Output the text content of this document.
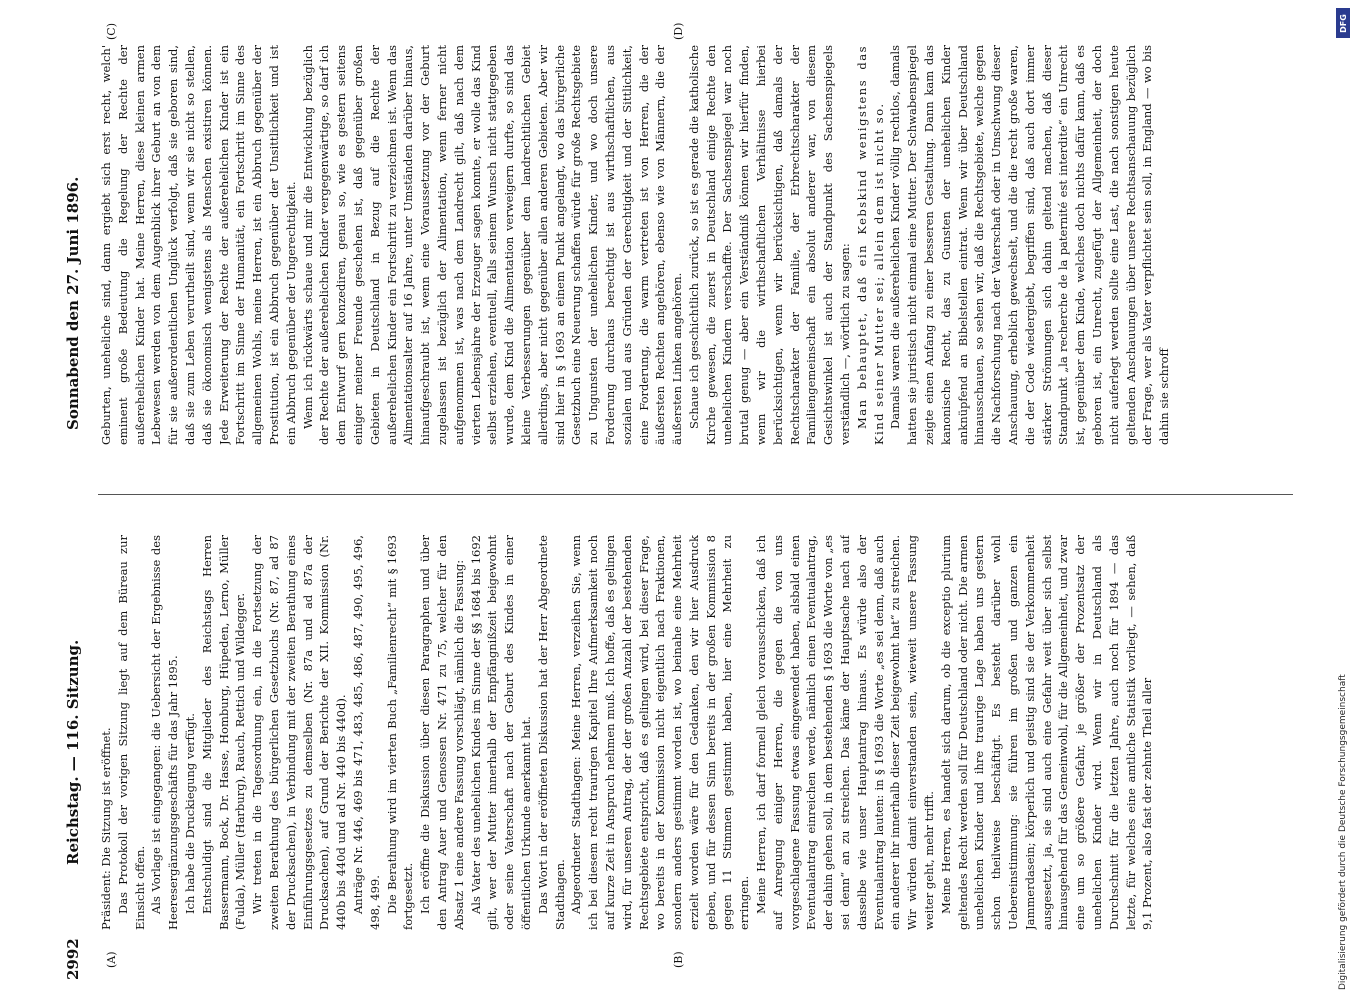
Digitalisierung gefördert durch die Deutsche Forschungsgemeinschaft
DFG
2992
Reichstag. — 116. Sitzung.
Sonnabend den 27. Juni 1896.
(A)	(B)
(C)	(D)

Präsident: Die Sitzung ist eröffnet. Das Protokoll der vorigen Sitzung liegt auf dem Büreau zur Einsicht offen. Als Vorlage ist eingegangen: die Uebersicht der Ergebnisse des Heeresergänzungsgeschäfts für das Jahr 1895. Ich habe die Druckiegung verfügt. Entschuldigt sind die Mitglieder des Reichstags Herren Bassermann, Bock, Dr. Hasse, Homburg, Hüpeden, Lerno, Müller (Fulda), Müller (Harburg), Rauch, Rettich und Wildegger. Wir treten in die Tagesordnung ein, in die Fortsetzung der zweiten Berathung des bürgerlichen Gesetzbuchs (Nr. 87, ad 87 der Drucksachen), in Verbindung mit der zweiten Berathung eines Einführungsgesetzes zu demselben (Nr. 87a und ad 87a der Drucksachen), auf Grund der Berichte der XII. Kommission (Nr. 440b bis 440d und ad Nr. 440 bis 440d). Anträge Nr. 446, 469 bis 471, 483, 485, 486, 487, 490, 495, 496, 498, 499. Die Berathung wird im vierten Buch „Familienrecht“ mit § 1693 fortgesetzt. Ich eröffne die Diskussion über diesen Paragraphen und über den Antrag Auer und Genossen Nr. 471 zu 75, welcher für den Absatz 1 eine andere Fassung vorschlägt, nämlich die Fassung: Als Vater des unehelichen Kindes im Sinne der §§ 1684 bis 1692 gilt, wer der Mutter innerhalb der Empfängnißzeit beigewohnt oder seine Vaterschaft nach der Geburt des Kindes in einer öffentlichen Urkunde anerkannt hat. Das Wort in der eröffneten Diskussion hat der Herr Abgeordnete Stadthagen. Abgeordneter Stadthagen: Meine Herren, verzeihen Sie, wenn ich bei diesem recht traurigen Kapitel Ihre Aufmerksamkeit noch auf kurze Zeit in Anspruch nehmen muß. Ich hoffe, daß es gelingen wird, für unseren Antrag, der der großen Anzahl der bestehenden Rechtsgebiete entspricht, daß es gelingen wird, bei dieser Frage, wo bereits in der Kommission nicht eigentlich nach Fraktionen, sondern anders gestimmt worden ist, wo beinahe eine Mehrheit erzielt worden wäre für den Gedanken, den wir hier Ausdruck geben, und für dessen Sinn bereits in der großen Kommission 8 gegen 11 Stimmen gestimmt haben, hier eine Mehrheit zu erringen. Meine Herren, ich darf formell gleich vorausschicken, daß ich auf Anregung einiger Herren, die gegen die von uns vorgeschlagene Fassung etwas eingewendet haben, alsbald einen Eventualantrag einreichen werde, nämlich einen Eventualantrag, der dahin gehen soll, in dem bestehenden § 1693 die Worte von „es sei denn“ an zu streichen. Das käme der Hauptsache nach auf dasselbe wie unser Hauptantrag hinaus. Es würde also der Eventualantrag lauten: in § 1693 die Worte „es sei denn, daß auch ein anderer ihr innerhalb dieser Zeit beigewohnt hat“ zu streichen. Wir würden damit einverstanden sein, wieweit unsere Fassung weiter geht, mehr trifft. Meine Herren, es handelt sich darum, ob die exceptio plurium geltendes Recht werden soll für Deutschland oder nicht. Die armen unehelichen Kinder und ihre traurige Lage haben uns gestern schon theilweise beschäftigt. Es besteht darüber wohl Uebereinstimmung: sie führen im großen und ganzen ein Jammerdasein; körperlich und geistig sind sie der Verkommenheit ausgesetzt, ja, sie sind auch eine Gefahr weit über sich selbst hinausgehend für das Gemeinwohl, für die Allgemeinheit, und zwar eine um so größere Gefahr, je größer der Prozentsatz der unehelichen Kinder wird. Wenn wir in Deutschland als Durchschnitt für die letzten Jahre, auch noch für 1894 — das letzte, für welches eine amtliche Statistik vorliegt, — sehen, daß 9,1 Prozent, also fast der zehnte Theil aller

Geburten, uneheliche sind, dann ergiebt sich erst recht, welch' eminent große Bedeutung die Regelung der Rechte der außerehelichen Kinder hat. Meine Herren, diese kleinen armen Lebewesen werden von dem Augenblick ihrer Geburt an von dem für sie außerordentlichen Unglück verfolgt, daß sie geboren sind, daß sie zum Leben verurtheilt sind, wenn wir sie nicht so stellen, daß sie ökonomisch wenigstens als Menschen existiren können. Jede Erweiterung der Rechte der außerehelichen Kinder ist ein Fortschritt im Sinne der Humanität, ein Fortschritt im Sinne des allgemeinen Wohls, meine Herren, ist ein Abbruch gegenüber der Prostitution, ist ein Abbruch gegenüber der Unsittlichkeit und ist ein Abbruch gegenüber der Ungerechtigkeit. Wenn ich rückwärts schaue und mir die Entwicklung bezüglich der Rechte der außerehelichen Kinder vergegenwärtige, so darf ich dem Entwurf gern konzediren, genau so, wie es gestern seitens einiger meiner Freunde geschehen ist, daß gegenüber großen Gebieten in Deutschland in Bezug auf die Rechte der außerehelichen Kinder ein Fortschritt zu verzeichnen ist. Wenn das Alimentationsalter auf 16 Jahre, unter Umständen darüber hinaus, hinaufgeschraubt ist, wenn eine Voraussetzung vor der Geburt zugelassen ist bezüglich der Alimentation, wenn ferner nicht aufgenommen ist, was nach dem Landrecht gilt, daß nach dem vierten Lebensjahre der Erzeuger sagen konnte, er wolle das Kind selbst erziehen, eventuell, falls seinem Wunsch nicht stattgegeben wurde, dem Kind die Alimentation verweigern durfte, so sind das kleine Verbesserungen gegenüber dem landrechtlichen Gebiet allerdings, aber nicht gegenüber allen anderen Gebieten. Aber wir sind hier in § 1693 an einem Punkt angelangt, wo das bürgerliche Gesetzbuch eine Neuerung schaffen würde für große Rechtsgebiete zu Ungunsten der unehelichen Kinder, und wo doch unsere Forderung durchaus berechtigt ist aus wirthschaftlichen, aus sozialen und aus Gründen der Gerechtigkeit und der Sittlichkeit, eine Forderung, die warm vertreten ist von Herren, die der äußersten Rechten angehören, ebenso wie von Männern, die der äußersten Linken angehören. Schaue ich geschichtlich zurück, so ist es gerade die katholische Kirche gewesen, die zuerst in Deutschland einige Rechte den unehelichen Kindern verschaffte. Der Sachsenspiegel war noch brutal genug — aber ein Verständniß können wir hierfür finden, wenn wir die wirthschaftlichen Verhältnisse hierbei berücksichtigen, wenn wir berücksichtigen, daß damals der Rechtscharakter der Familie, der Erbrechtscharakter der Familiengemeinschaft ein absolut anderer war, von diesem Gesichtswinkel ist auch der Standpunkt des Sachsenspiegels verständlich —, wörtlich zu sagen: Man behauptet, daß ein Kebskind wenigstens das Kind seiner Mutter sei; allein dem ist nicht so. Damals waren die außerehelichen Kinder völlig rechtlos, damals hatten sie juristisch nicht einmal eine Mutter. Der Schwabenspiegel zeigte einen Anfang zu einer besseren Gestaltung. Dann kam das kanonische Recht, das zu Gunsten der unehelichen Kinder anknüpfend an Bibelstellen eintrat. Wenn wir über Deutschland hinausschauen, so sehen wir, daß die Rechtsgebiete, welche gegen die Nachforschung nach der Vaterschaft oder in Umschwung dieser Anschauung, erheblich gewechselt, und die die recht große waren, die der Code wiedergiebt, begriffen sind, daß auch dort immer stärker Strömungen sich dahin geltend machen, daß dieser Standpunkt „la recherche de la paternité est interdite“ ein Unrecht ist, gegenüber dem Kinde, welches doch nichts dafür kann, daß es geboren ist, ein Unrecht, zugefügt der Allgemeinheit, der doch nicht auferlegt werden sollte eine Last, die nach sonstigen heute geltenden Anschauungen über unsere Rechtsanschauung bezüglich der Frage, wer als Vater verpflichtet sein soll, in England — wo bis dahin sie schroff
